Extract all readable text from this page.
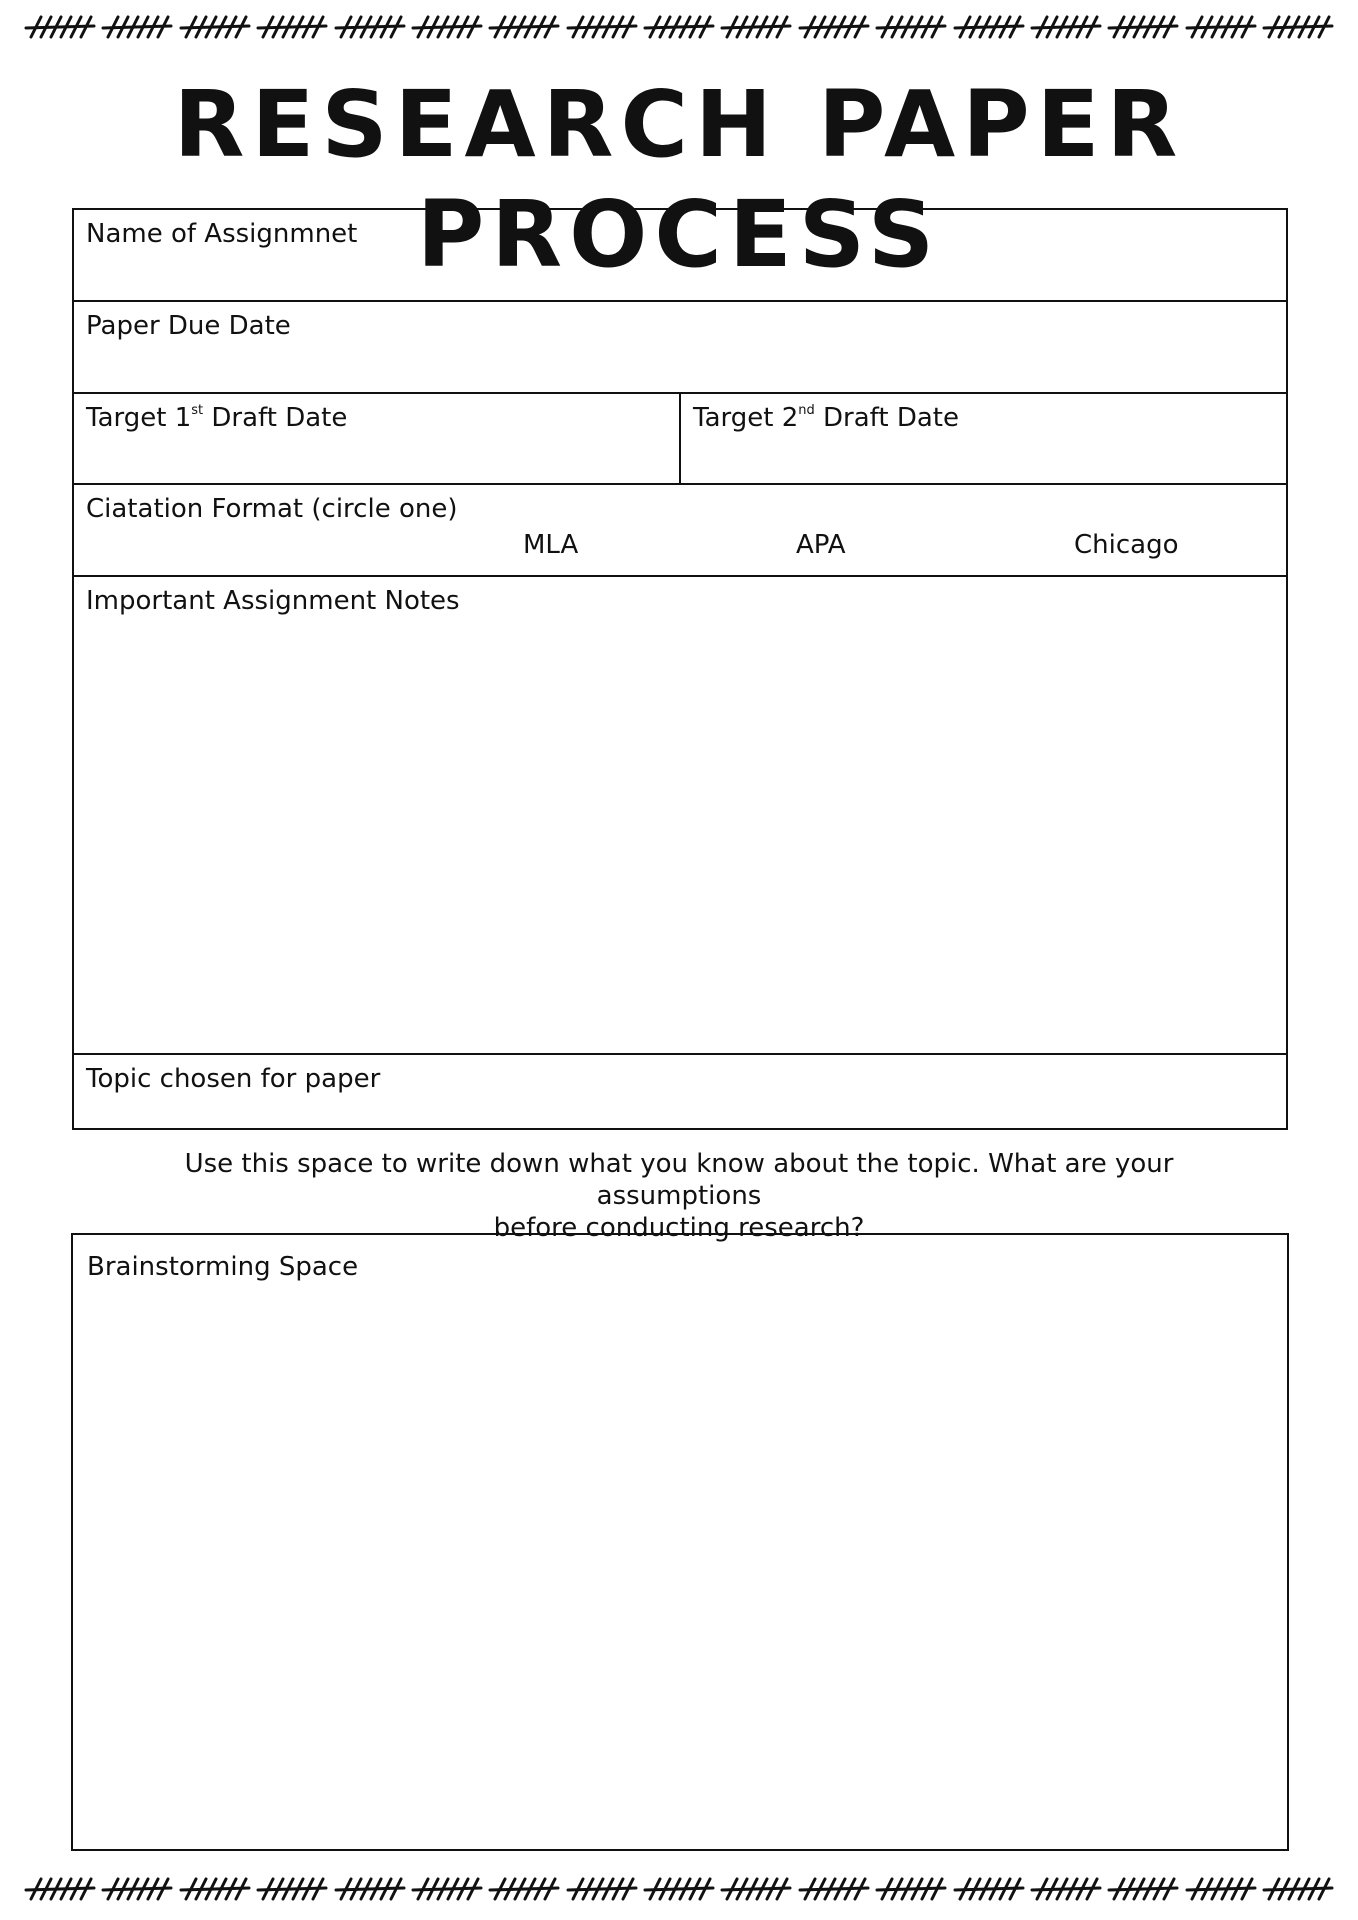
RESEARCH PAPER PROCESS
Name of Assignmnet
Paper Due Date
Target 1st Draft Date	Target 2nd Draft Date
Ciatation Format (circle one)
MLA	APA	Chicago
Important Assignment Notes
Topic chosen for paper

Use this space to write down what you know about the topic. What are your assumptions
before conducting research?

Brainstorming Space
